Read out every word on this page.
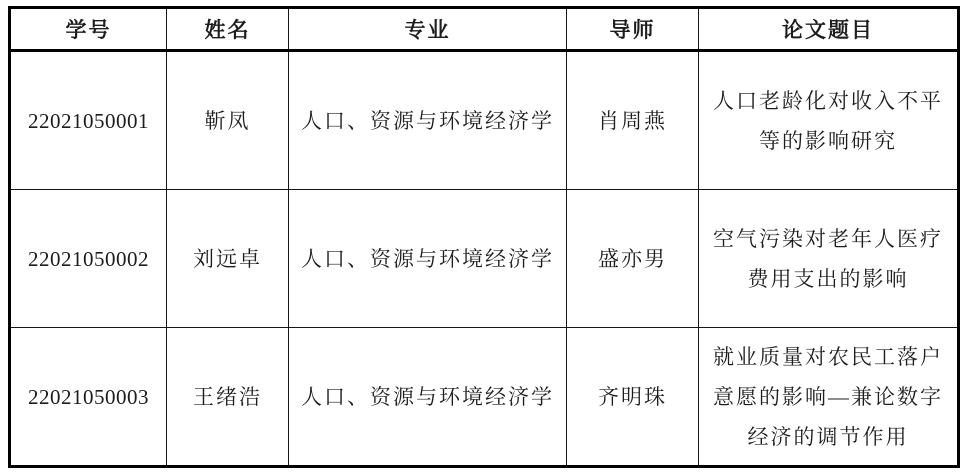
学号	姓名	专业	导师	论文题目
22021050001	靳凤	人口、资源与环境经济学	肖周燕	人口老龄化对收入不平等的影响研究
22021050002	刘远卓	人口、资源与环境经济学	盛亦男	空气污染对老年人医疗费用支出的影响
22021050003	王绪浩	人口、资源与环境经济学	齐明珠	就业质量对农民工落户意愿的影响—兼论数字经济的调节作用
